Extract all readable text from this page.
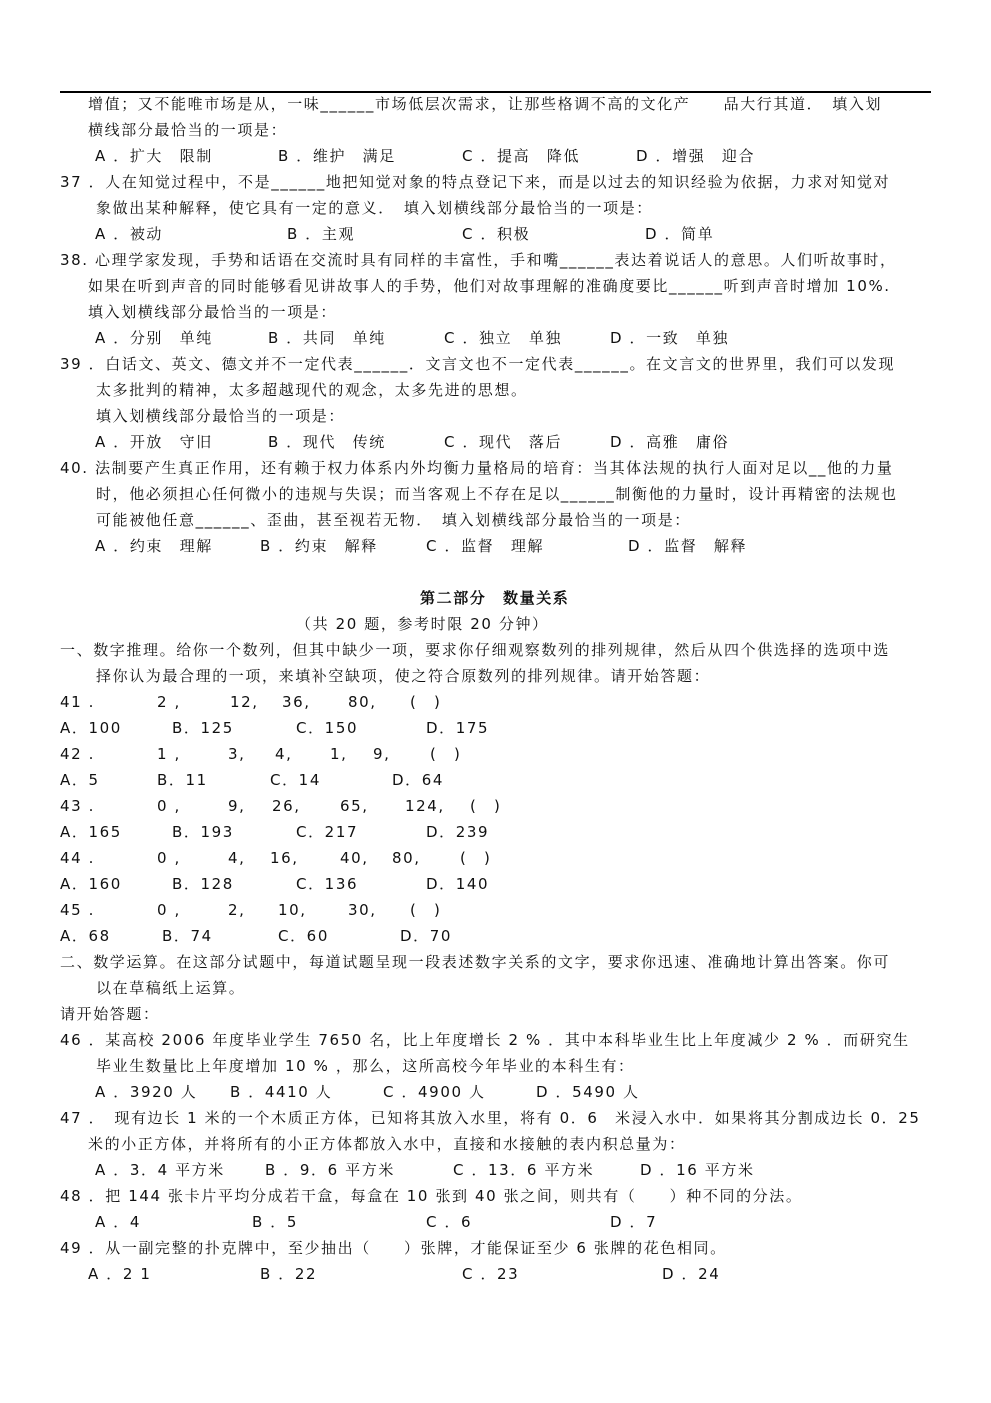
增值；又不能唯市场是从，一味______市场低层次需求，让那些格调不高的文化产　　品大行其道．　填入划
横线部分最恰当的一项是：
A ．扩大　限制	B ．维护　满足	C ．提高　降低	D ．增强　迎合
37 ．人在知觉过程中，不是______地把知觉对象的特点登记下来，而是以过去的知识经验为依据，力求对知觉对
象做出某种解释，使它具有一定的意义．　填入划横线部分最恰当的一项是：
A ．被动	B ．主观	C ．积极	D ．简单
38. 心理学家发现，手势和话语在交流时具有同样的丰富性，手和嘴______表达着说话人的意思。人们听故事时，
如果在听到声音的同时能够看见讲故事人的手势，他们对故事理解的准确度要比______听到声音时增加 10%.
填入划横线部分最恰当的一项是：
A ．分别　单纯	B ．共同　单纯	C ．独立　单独	D ．一致　单独
39 ．白话文、英文、德文并不一定代表______．文言文也不一定代表______。在文言文的世界里，我们可以发现
太多批判的精神，太多超越现代的观念，太多先进的思想。
填入划横线部分最恰当的一项是：
A ．开放　守旧	B ．现代　传统	C ．现代　落后	D ．高雅　庸俗
40. 法制要产生真正作用，还有赖于权力体系内外均衡力量格局的培育：当其体法规的执行人面对足以__他的力量
时，他必须担心任何微小的违规与失误；而当客观上不存在足以______制衡他的力量时，设计再精密的法规也
可能被他任意______、歪曲，甚至视若无物．　填入划横线部分最恰当的一项是：
A ．约束　理解	B ．约束　解释	C ．监督　理解	D ．监督　解释
第二部分　数量关系
（共 20 题，参考时限 20 分钟）
一、数字推理。给你一个数列，但其中缺少一项，要求你仔细观察数列的排列规律，然后从四个供选择的选项中选
择你认为最合理的一项，来填补空缺项，使之符合原数列的排列规律。请开始答题：
41 .	2 ,	12, 36, 80, (　)
A．100	B．125	C．150	D．175
42 .	1 ,	3, 4, 1, 9,	(　)
A．5	B．11	C．14	D．64
43 .	0 ,	9, 26,	65, 124, (　)
A．165	B．193	C．217	D．239
44 .	0 ,	4, 16,	40, 80,	(　)
A．160	B．128	C．136	D．140
45 .	0 ,	2, 10,	30, (　)
A．68	B．74	C．60	D．70
二、数学运算。在这部分试题中，每道试题呈现一段表述数字关系的文字，要求你迅速、准确地计算出答案。你可
以在草稿纸上运算。
请开始答题：
46 ．某高校 2006 年度毕业学生 7650 名，比上年度增长 2 % ．其中本科毕业生比上年度减少 2 % ．而研究生
毕业生数量比上年度增加 10 % ，那么，这所高校今年毕业的本科生有：
A ．3920 人 B ．4410 人	C ．4900 人	D ．5490 人
47 ．　现有边长 1 米的一个木质正方体，已知将其放入水里，将有 0．6　米浸入水中．如果将其分割成边长 0．25
米的小正方体，并将所有的小正方体都放入水中，直接和水接触的表内积总量为：
A ．3．4 平方米	B ．9．6 平方米	C ．13．6 平方米	D ．16 平方米
48 ．把 144 张卡片平均分成若干盒，每盒在 10 张到 40 张之间，则共有（　　）种不同的分法。
A ．4	B ．5	C ．6	D ．7
49 ．从一副完整的扑克牌中，至少抽出（　　）张牌，才能保证至少 6 张牌的花色相同。
A ．2 1	B ．22	C ．23	D ．24
